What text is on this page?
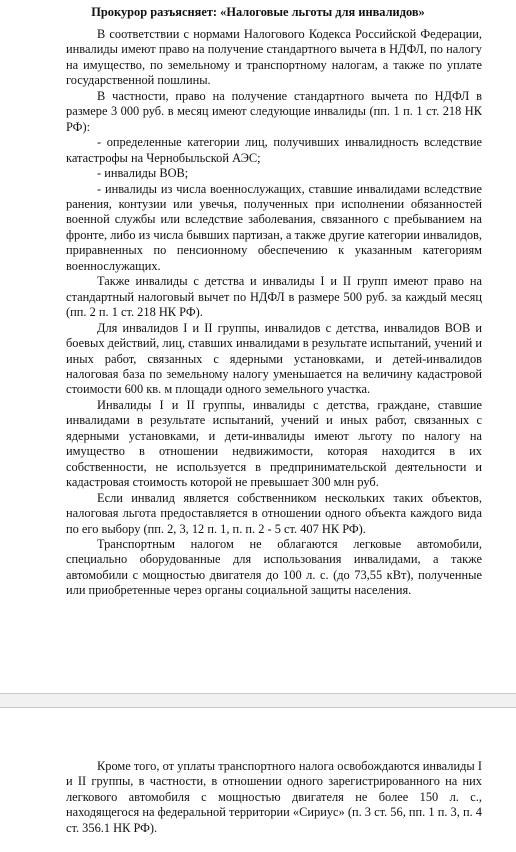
Прокурор разъясняет: «Налоговые льготы для инвалидов»

В соответствии с нормами Налогового Кодекса Российской Федерации, инвалиды имеют право на получение стандартного вычета в НДФЛ, по налогу на имущество, по земельному и транспортному налогам, а также по уплате государственной пошлины.

В частности, право на получение стандартного вычета по НДФЛ в размере 3 000 руб. в месяц имеют следующие инвалиды (пп. 1 п. 1 ст. 218 НК РФ):

- определенные категории лиц, получивших инвалидность вследствие катастрофы на Чернобыльской АЭС;

- инвалиды ВОВ;

- инвалиды из числа военнослужащих, ставшие инвалидами вследствие ранения, контузии или увечья, полученных при исполнении обязанностей военной службы или вследствие заболевания, связанного с пребыванием на фронте, либо из числа бывших партизан, а также другие категории инвалидов, приравненных по пенсионному обеспечению к указанным категориям военнослужащих.

Также инвалиды с детства и инвалиды I и II групп имеют право на стандартный налоговый вычет по НДФЛ в размере 500 руб. за каждый месяц (пп. 2 п. 1 ст. 218 НК РФ).

Для инвалидов I и II группы, инвалидов с детства, инвалидов ВОВ и боевых действий, лиц, ставших инвалидами в результате испытаний, учений и иных работ, связанных с ядерными установками, и детей-инвалидов налоговая база по земельному налогу уменьшается на величину кадастровой стоимости 600 кв. м площади одного земельного участка.

Инвалиды I и II группы, инвалиды с детства, граждане, ставшие инвалидами в результате испытаний, учений и иных работ, связанных с ядерными установками, и дети-инвалиды имеют льготу по налогу на имущество в отношении недвижимости, которая находится в их собственности, не используется в предпринимательской деятельности и кадастровая стоимость которой не превышает 300 млн руб.

Если инвалид является собственником нескольких таких объектов, налоговая льгота предоставляется в отношении одного объекта каждого вида по его выбору (пп. 2, 3, 12 п. 1, п. п. 2 - 5 ст. 407 НК РФ).

Транспортным налогом не облагаются легковые автомобили, специально оборудованные для использования инвалидами, а также автомобили с мощностью двигателя до 100 л. с. (до 73,55 кВт), полученные или приобретенные через органы социальной защиты населения.

Кроме того, от уплаты транспортного налога освобождаются инвалиды I и II группы, в частности, в отношении одного зарегистрированного на них легкового автомобиля с мощностью двигателя не более 150 л. с., находящегося на федеральной территории «Сириус» (п. 3 ст. 56, пп. 1 п. 3, п. 4 ст. 356.1 НК РФ).
